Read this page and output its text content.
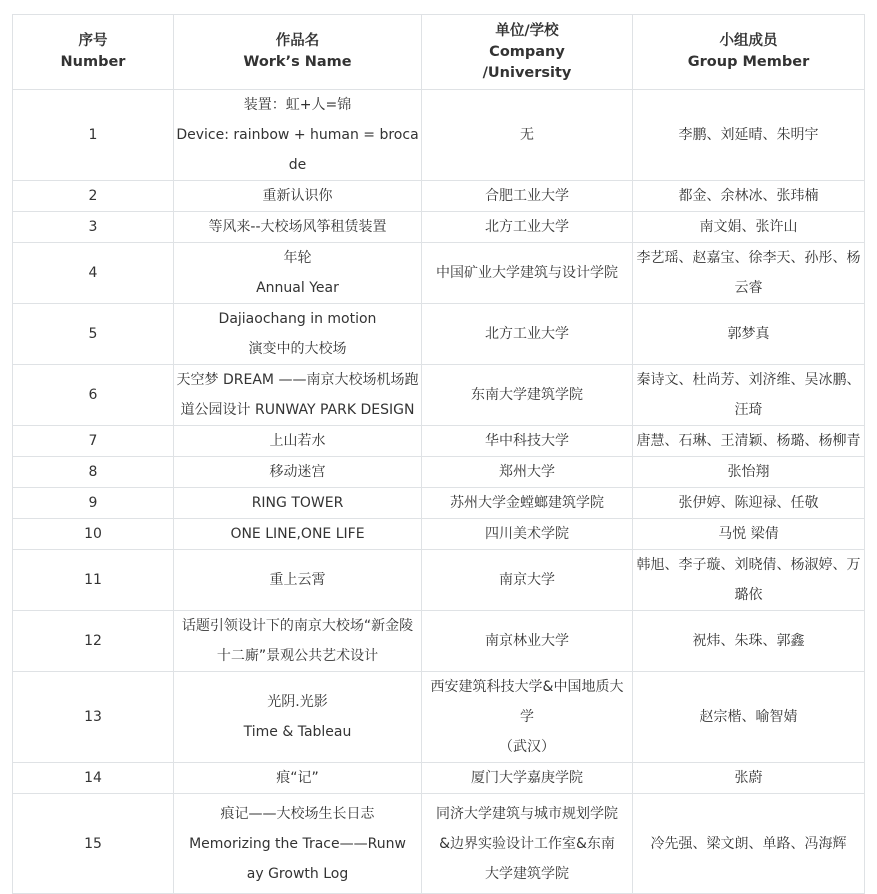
序号
Number	作品名
Work’s Name	单位/学校
Company
/University	小组成员
Group Member

1	装置：虹+人=锦
Device: rainbow + human = broca
de	无	李鹏、刘延晴、朱明宇

2	重新认识你	合肥工业大学	都金、余林冰、张玮楠

3	等风来--大校场风筝租赁装置	北方工业大学	南文娟、张许山

4	年轮
Annual Year	中国矿业大学建筑与设计学院	李艺瑶、赵嘉宝、徐李天、孙彤、杨
云睿

5	Dajiaochang in motion
演变中的大校场	北方工业大学	郭梦真

6	天空梦 DREAM ——南京大校场机场跑
道公园设计 RUNWAY PARK DESIGN	东南大学建筑学院	秦诗文、杜尚芳、刘济维、吴冰鹏、
汪琦

7	上山若水	华中科技大学	唐慧、石琳、王清颖、杨璐、杨柳青

8	移动迷宫	郑州大学	张怡翔

9	RING TOWER	苏州大学金螳螂建筑学院	张伊婷、陈迎禄、任敬

10	ONE LINE,ONE LIFE	四川美术学院	马悦 梁倩

11	重上云霄	南京大学	韩旭、李子璇、刘晓倩、杨淑婷、万
璐依

12	话题引领设计下的南京大校场“新金陵
十二廝”景观公共艺术设计	南京林业大学	祝炜、朱珠、郭鑫

13	光阴.光影
Time & Tableau	西安建筑科技大学&中国地质大学
（武汉）	赵宗楷、喻智婧

14	痕“记”	厦门大学嘉庚学院	张蔚

15	痕记——大校场生长日志
Memorizing the Trace——Runw
ay Growth Log	同济大学建筑与城市规划学院
&边界实验设计工作室&东南
大学建筑学院	冷先强、梁文朗、单路、冯海辉
